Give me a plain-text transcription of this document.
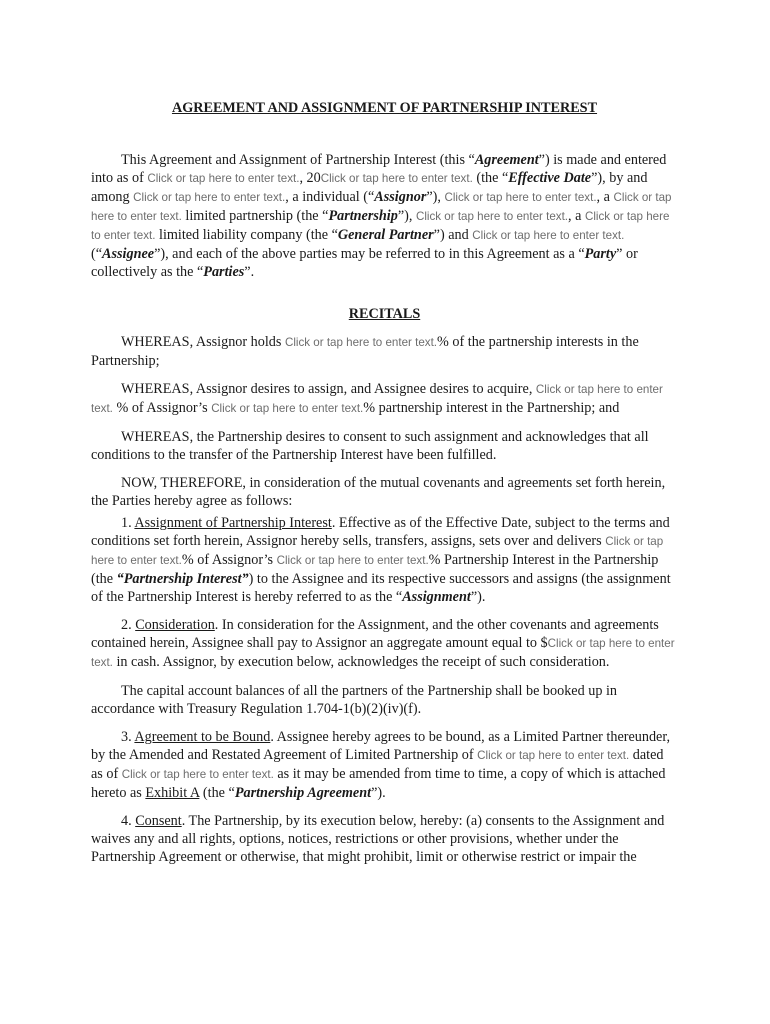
AGREEMENT AND ASSIGNMENT OF PARTNERSHIP INTEREST

This Agreement and Assignment of Partnership Interest (this “Agreement”) is made and entered into as of Click or tap here to enter text., 20Click or tap here to enter text. (the “Effective Date”), by and among Click or tap here to enter text., a individual (“Assignor”), Click or tap here to enter text., a Click or tap here to enter text. limited partnership (the “Partnership”), Click or tap here to enter text., a Click or tap here to enter text. limited liability company (the “General Partner”) and Click or tap here to enter text. (“Assignee”), and each of the above parties may be referred to in this Agreement as a “Party” or collectively as the “Parties”.

RECITALS

WHEREAS, Assignor holds Click or tap here to enter text.% of the partnership interests in the Partnership;

WHEREAS, Assignor desires to assign, and Assignee desires to acquire, Click or tap here to enter text. % of Assignor’s Click or tap here to enter text.% partnership interest in the Partnership; and

WHEREAS, the Partnership desires to consent to such assignment and acknowledges that all conditions to the transfer of the Partnership Interest have been fulfilled.

NOW, THEREFORE, in consideration of the mutual covenants and agreements set forth herein, the Parties hereby agree as follows:

1. Assignment of Partnership Interest. Effective as of the Effective Date, subject to the terms and conditions set forth herein, Assignor hereby sells, transfers, assigns, sets over and delivers Click or tap here to enter text.% of Assignor’s Click or tap here to enter text.% Partnership Interest in the Partnership (the “Partnership Interest”) to the Assignee and its respective successors and assigns (the assignment of the Partnership Interest is hereby referred to as the “Assignment”).

2. Consideration. In consideration for the Assignment, and the other covenants and agreements contained herein, Assignee shall pay to Assignor an aggregate amount equal to $Click or tap here to enter text. in cash. Assignor, by execution below, acknowledges the receipt of such consideration.

The capital account balances of all the partners of the Partnership shall be booked up in accordance with Treasury Regulation 1.704-1(b)(2)(iv)(f).

3. Agreement to be Bound. Assignee hereby agrees to be bound, as a Limited Partner thereunder, by the Amended and Restated Agreement of Limited Partnership of Click or tap here to enter text. dated as of Click or tap here to enter text. as it may be amended from time to time, a copy of which is attached hereto as Exhibit A (the “Partnership Agreement”).

4. Consent. The Partnership, by its execution below, hereby: (a) consents to the Assignment and waives any and all rights, options, notices, restrictions or other provisions, whether under the Partnership Agreement or otherwise, that might prohibit, limit or otherwise restrict or impair the
